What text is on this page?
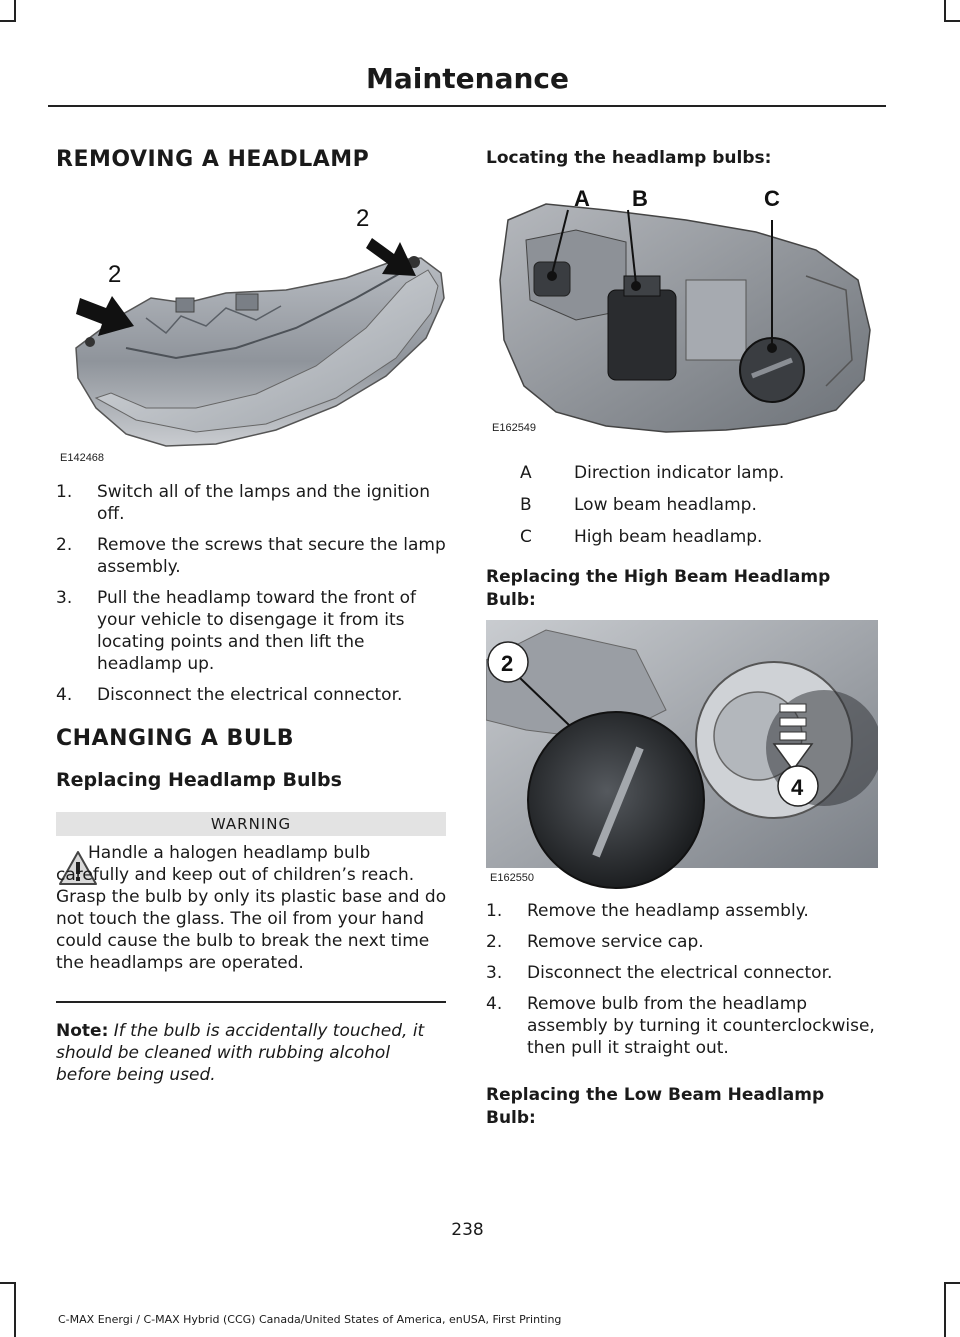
Maintenance
REMOVING A HEADLAMP
2
2
E142468
1. Switch all of the lamps and the ignition off.
2. Remove the screws that secure the lamp assembly.
3. Pull the headlamp toward the front of your vehicle to disengage it from its locating points and then lift the headlamp up.
4. Disconnect the electrical connector.
CHANGING A BULB
Replacing Headlamp Bulbs
WARNING
Handle a halogen headlamp bulb carefully and keep out of children’s reach. Grasp the bulb by only its plastic base and do not touch the glass. The oil from your hand could cause the bulb to break the next time the headlamps are operated.
Note: If the bulb is accidentally touched, it should be cleaned with rubbing alcohol before being used.
Locating the headlamp bulbs:
A B	C
E162549
A Direction indicator lamp.
B Low beam headlamp.
C High beam headlamp.
Replacing the High Beam Headlamp Bulb:
2
4
E162550
1. Remove the headlamp assembly.
2. Remove service cap.
3. Disconnect the electrical connector.
4. Remove bulb from the headlamp assembly by turning it counterclockwise, then pull it straight out.
Replacing the Low Beam Headlamp Bulb:
238
C-MAX Energi / C-MAX Hybrid (CCG) Canada/United States of America, enUSA, First Printing
